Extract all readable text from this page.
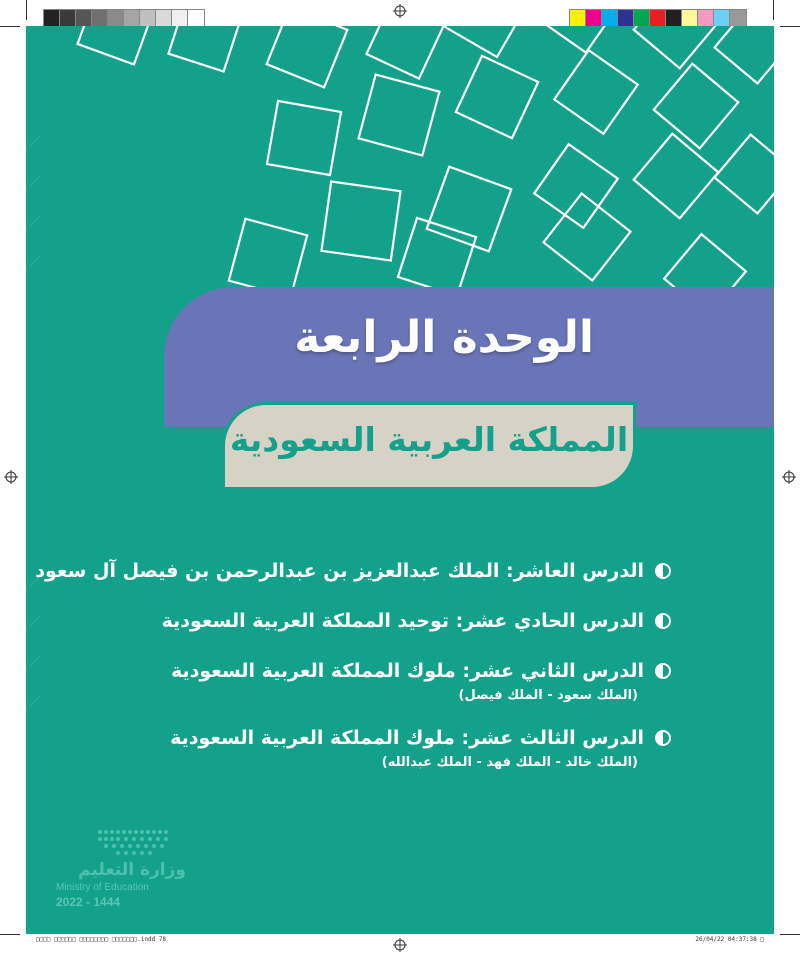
الوحدة الرابعة
المملكة العربية السعودية
الدرس العاشر: الملك عبدالعزيز بن عبدالرحمن بن فيصل آل سعود
الدرس الحادي عشر: توحيد المملكة العربية السعودية
الدرس الثاني عشر: ملوك المملكة العربية السعودية
(الملك سعود - الملك فيصل)
الدرس الثالث عشر: ملوك المملكة العربية السعودية
(الملك خالد - الملك فهد - الملك عبدالله)
وزارة التعليم
Ministry of Education
2022 - 1444
□□□□ □□□□□□ □□□□□□□□ □□□□□□□.indd 78	26/04/22 04:37:38 □
